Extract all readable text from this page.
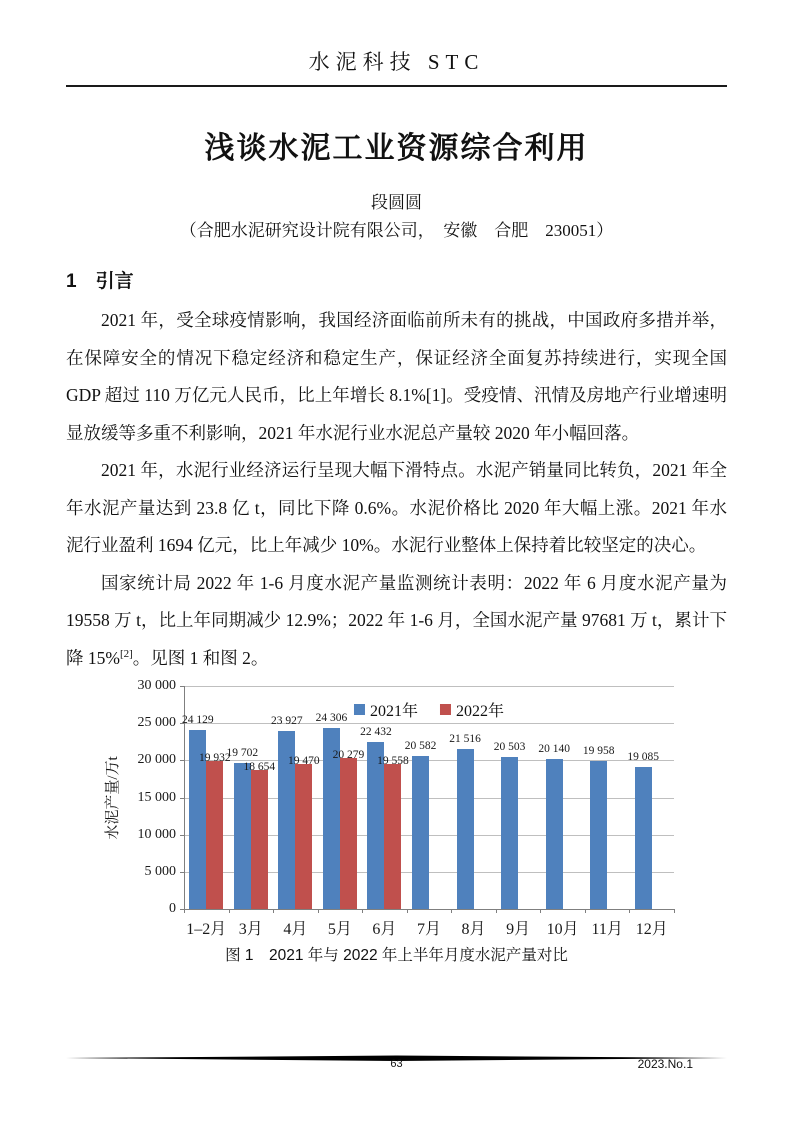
水泥科技 STC
浅谈水泥工业资源综合利用
段圆圆
（合肥水泥研究设计院有限公司，　安徽　合肥　230051）
1　引言

2021 年，受全球疫情影响，我国经济面临前所未有的挑战，中国政府多措并举，在保障安全的情况下稳定经济和稳定生产，保证经济全面复苏持续进行，实现全国 GDP 超过 110 万亿元人民币，比上年增长 8.1%[1]。受疫情、汛情及房地产行业增速明显放缓等多重不利影响，2021 年水泥行业水泥总产量较 2020 年小幅回落。

2021 年，水泥行业经济运行呈现大幅下滑特点。水泥产销量同比转负，2021 年全年水泥产量达到 23.8 亿 t，同比下降 0.6%。水泥价格比 2020 年大幅上涨。2021 年水泥行业盈利 1694 亿元，比上年减少 10%。水泥行业整体上保持着比较坚定的决心。

国家统计局 2022 年 1-6 月度水泥产量监测统计表明：2022 年 6 月度水泥产量为 19558 万 t，比上年同期减少 12.9%；2022 年 1-6 月，全国水泥产量 97681 万 t，累计下降 15%[2]。见图 1 和图 2。

0
5 000
10 000
15 000
20 000
25 000
30 000
24 129
19 932
1–2月
19 702
18 654
3月
23 927
19 470
4月
24 306
20 279
5月
22 432
19 558
6月
20 582
7月
21 516
8月
20 503
9月
20 140
10月
19 958
11月
19 085
12月
2021年 2022年
水泥产量/万t
图 1　2021 年与 2022 年上半年月度水泥产量对比
63	2023.No.1
